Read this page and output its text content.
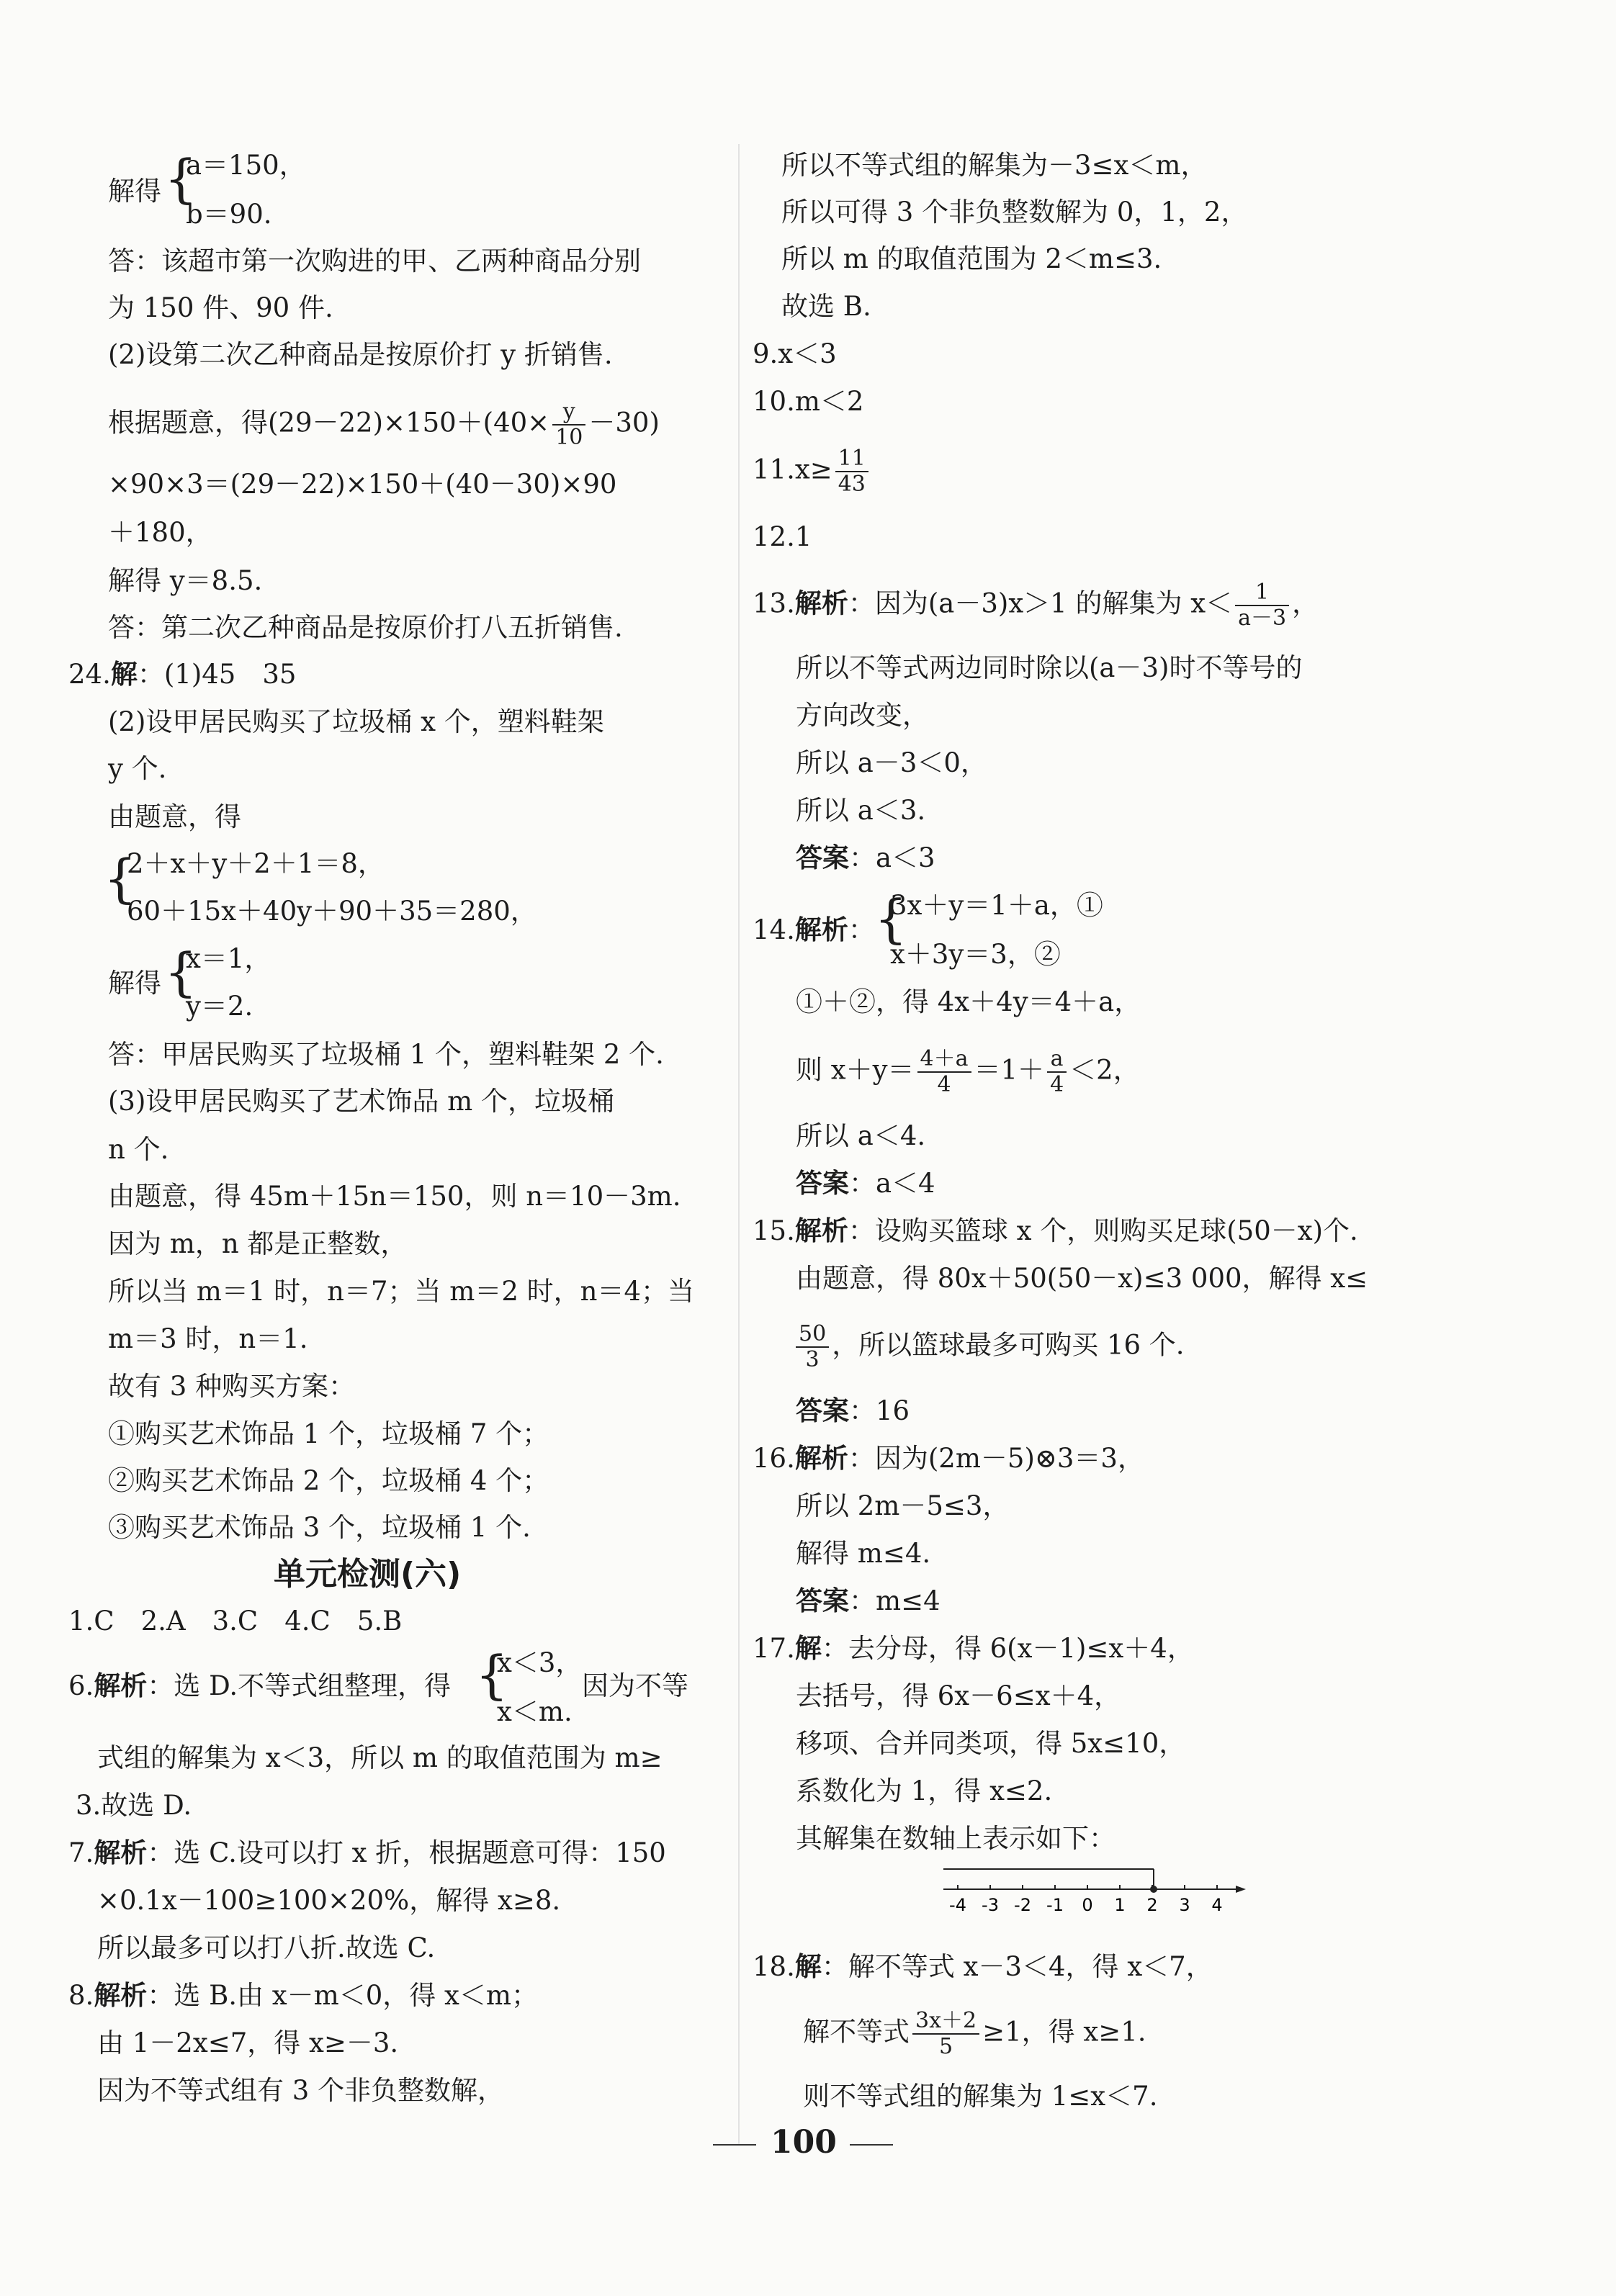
解得 {
a＝150，
b＝90.
答：该超市第一次购进的甲、乙两种商品分别
为 150 件、90 件.
(2)设第二次乙种商品是按原价打 y 折销售.
根据题意，得$(29-22)\times 150+(40\times \frac{y}{10} -30)$
×90×3＝(29－22)×150＋(40－30)×90
＋180，
解得 y＝8.5.
答：第二次乙种商品是按原价打八五折销售.
24.解：(1)45　35
(2)设甲居民购买了垃圾桶 x 个，塑料鞋架
y 个.
由题意，得
{
2＋x＋y＋2＋1＝8，
60＋15x＋40y＋90＋35＝280，
解得 {
x＝1，
y＝2.
答：甲居民购买了垃圾桶 1 个，塑料鞋架 2 个.
(3)设甲居民购买了艺术饰品 m 个，垃圾桶
n 个.
由题意，得 45m＋15n＝150，则 n＝10－3m.
因为 m，n 都是正整数，
所以当 m＝1 时，n＝7；当 m＝2 时，n＝4；当
m＝3 时，n＝1.
故有 3 种购买方案：
①购买艺术饰品 1 个，垃圾桶 7 个；
②购买艺术饰品 2 个，垃圾桶 4 个；
③购买艺术饰品 3 个，垃圾桶 1 个.
单元检测(六)
1.C　2.A　3.C　4.C　5.B
6.解析：选 D.不等式组整理，得 {
x＜3，
x＜m.
因为不等
式组的解集为 x＜3，所以 m 的取值范围为 m≥
3.故选 D.
7.解析：选 C.设可以打 x 折，根据题意可得：150
×0.1x－100≥100×20%，解得 x≥8.
所以最多可以打八折.故选 C.
8.解析：选 B.由 x－m＜0，得 x＜m；
由 1－2x≤7，得 x≥－3.
因为不等式组有 3 个非负整数解，
所以不等式组的解集为－3≤x＜m，
所以可得 3 个非负整数解为 0，1，2，
所以 m 的取值范围为 2＜m≤3.
故选 B.
9.x＜3
10.m＜2
$11.x\ge \frac{11}{43}$
12.1
13.解析：因为(a－3)x＞1 的解集为 $x< \frac{1}{a-3}$ ，
所以不等式两边同时除以(a－3)时不等号的
方向改变，
所以 a－3＜0，
所以 a＜3.
答案：a＜3
14.解析： {
3x＋y＝1＋a，①
x＋3y＝3，②
①＋②，得 4x＋4y＝4＋a，
则 $x+y= \frac{4+a}{4} =1+ \frac{a}{4} <2$，
所以 a＜4.
答案：a＜4
15.解析：设购买篮球 x 个，则购买足球(50－x)个.
由题意，得 80x＋50(50－x)≤3 000，解得 x≤
$\frac{50}{3}$ ，所以篮球最多可购买 16 个.
答案：16
16.解析：因为(2m－5)⊗3＝3，
所以 2m－5≤3，
解得 m≤4.
答案：m≤4
17.解：去分母，得 6(x－1)≤x＋4，
去括号，得 6x－6≤x＋4，
移项、合并同类项，得 5x≤10，
系数化为 1，得 x≤2.
其解集在数轴上表示如下：
-4 -3 -2 -1 0 1 2 3 4
18.解：解不等式 x－3＜4，得 x＜7，
解不等式 $\frac{3x+2}{5} \ge 1$，得 x≥1.
则不等式组的解集为 1≤x＜7.
100
